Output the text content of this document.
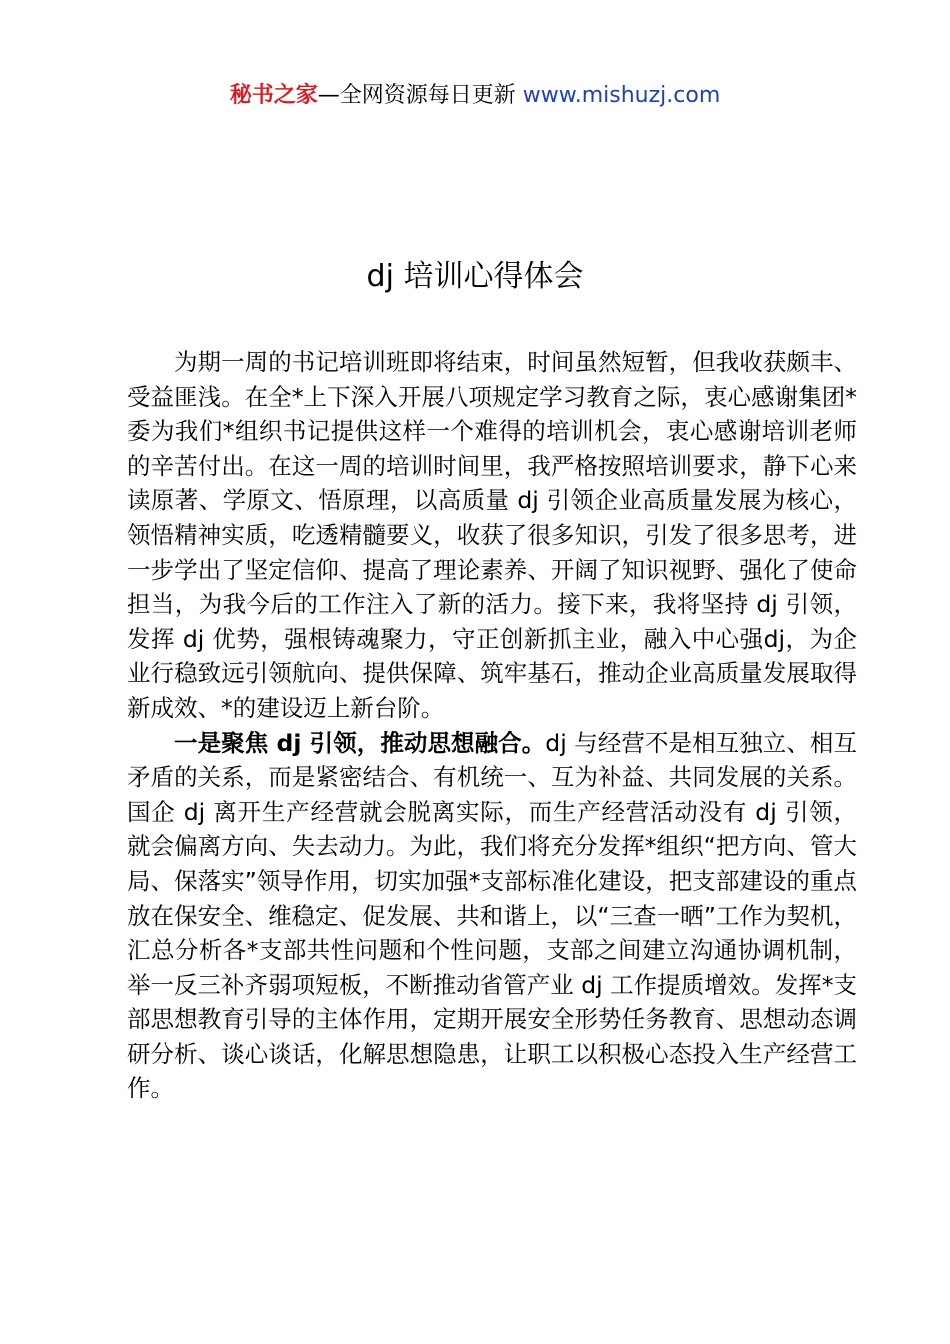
秘书之家—全网资源每日更新 www.mishuzj.com
dj 培训心得体会

为期一周的书记培训班即将结束，时间虽然短暂，但我收获颇丰、受益匪浅。在全*上下深入开展八项规定学习教育之际，衷心感谢集团*委为我们*组织书记提供这样一个难得的培训机会，衷心感谢培训老师的辛苦付出。在这一周的培训时间里，我严格按照培训要求，静下心来读原著、学原文、悟原理，以高质量 dj 引领企业高质量发展为核心，领悟精神实质，吃透精髓要义，收获了很多知识，引发了很多思考，进一步学出了坚定信仰、提高了理论素养、开阔了知识视野、强化了使命担当，为我今后的工作注入了新的活力。接下来，我将坚持 dj 引领，发挥 dj 优势，强根铸魂聚力，守正创新抓主业，融入中心强dj，为企业行稳致远引领航向、提供保障、筑牢基石，推动企业高质量发展取得新成效、*的建设迈上新台阶。

一是聚焦 dj 引领，推动思想融合。dj 与经营不是相互独立、相互矛盾的关系，而是紧密结合、有机统一、互为补益、共同发展的关系。国企 dj 离开生产经营就会脱离实际，而生产经营活动没有 dj 引领，就会偏离方向、失去动力。为此，我们将充分发挥*组织“把方向、管大局、保落实”领导作用，切实加强*支部标准化建设，把支部建设的重点放在保安全、维稳定、促发展、共和谐上，以“三查一晒”工作为契机，汇总分析各*支部共性问题和个性问题，支部之间建立沟通协调机制，举一反三补齐弱项短板，不断推动省管产业 dj 工作提质增效。发挥*支部思想教育引导的主体作用，定期开展安全形势任务教育、思想动态调研分析、谈心谈话，化解思想隐患，让职工以积极心态投入生产经营工作。
